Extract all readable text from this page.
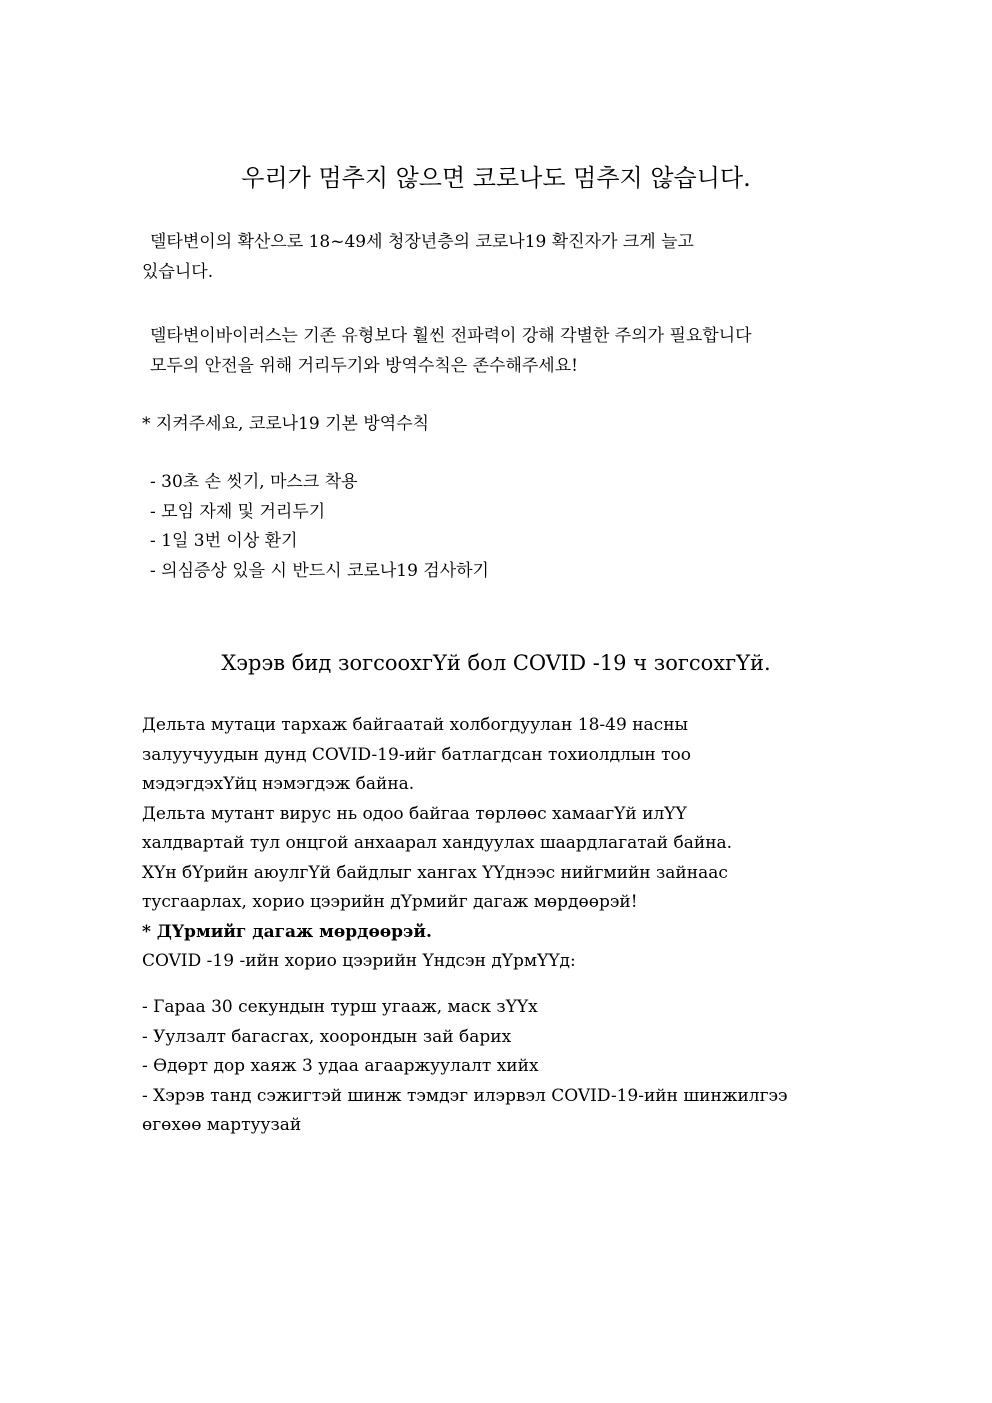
우리가 멈추지 않으면 코로나도 멈추지 않습니다.

델타변이의 확산으로 18~49세 청장년층의 코로나19 확진자가 크게 늘고

있습니다.

델타변이바이러스는 기존 유형보다 훨씬 전파력이 강해 각별한 주의가 필요합니다

모두의 안전을 위해 거리두기와 방역수칙은 존수해주세요!

* 지켜주세요, 코로나19 기본 방역수칙

- 30초 손 씻기, 마스크 착용

- 모임 자제 및 거리두기

- 1일 3번 이상 환기

- 의심증상 있을 시 반드시 코로나19 검사하기

Хэрэв бид зогсоохгҮй бол COVID -19 ч зогсохгҮй.

Дельта мутаци тархаж байгаатай холбогдуулан 18-49 насны

залуучуудын дунд COVID-19-ийг батлагдсан тохиолдлын тоо

мэдэгдэхҮйц нэмэгдэж байна.

Дельта мутант вирус нь одоо байгаа төрлөөс хамаагҮй илҮҮ

халдвартай тул онцгой анхаарал хандуулах шаардлагатай байна.

ХҮн бҮрийн аюулгҮй байдлыг хангах ҮҮднээс нийгмийн зайнаас

тусгаарлах, хорио цээрийн дҮрмийг дагаж мөрдөөрэй!

* ДҮрмийг дагаж мөрдөөрэй.

COVID -19 -ийн хорио цээрийн Үндсэн дҮрмҮҮд:

- Гараа 30 секундын турш угааж, маск зҮҮх

- Уулзалт багасгах, хоорондын зай барих

- Өдөрт дор хаяж 3 удаа агааржуулалт хийх

- Хэрэв танд сэжигтэй шинж тэмдэг илэрвэл COVID-19-ийн шинжилгээ

өгөхөө мартуузай
